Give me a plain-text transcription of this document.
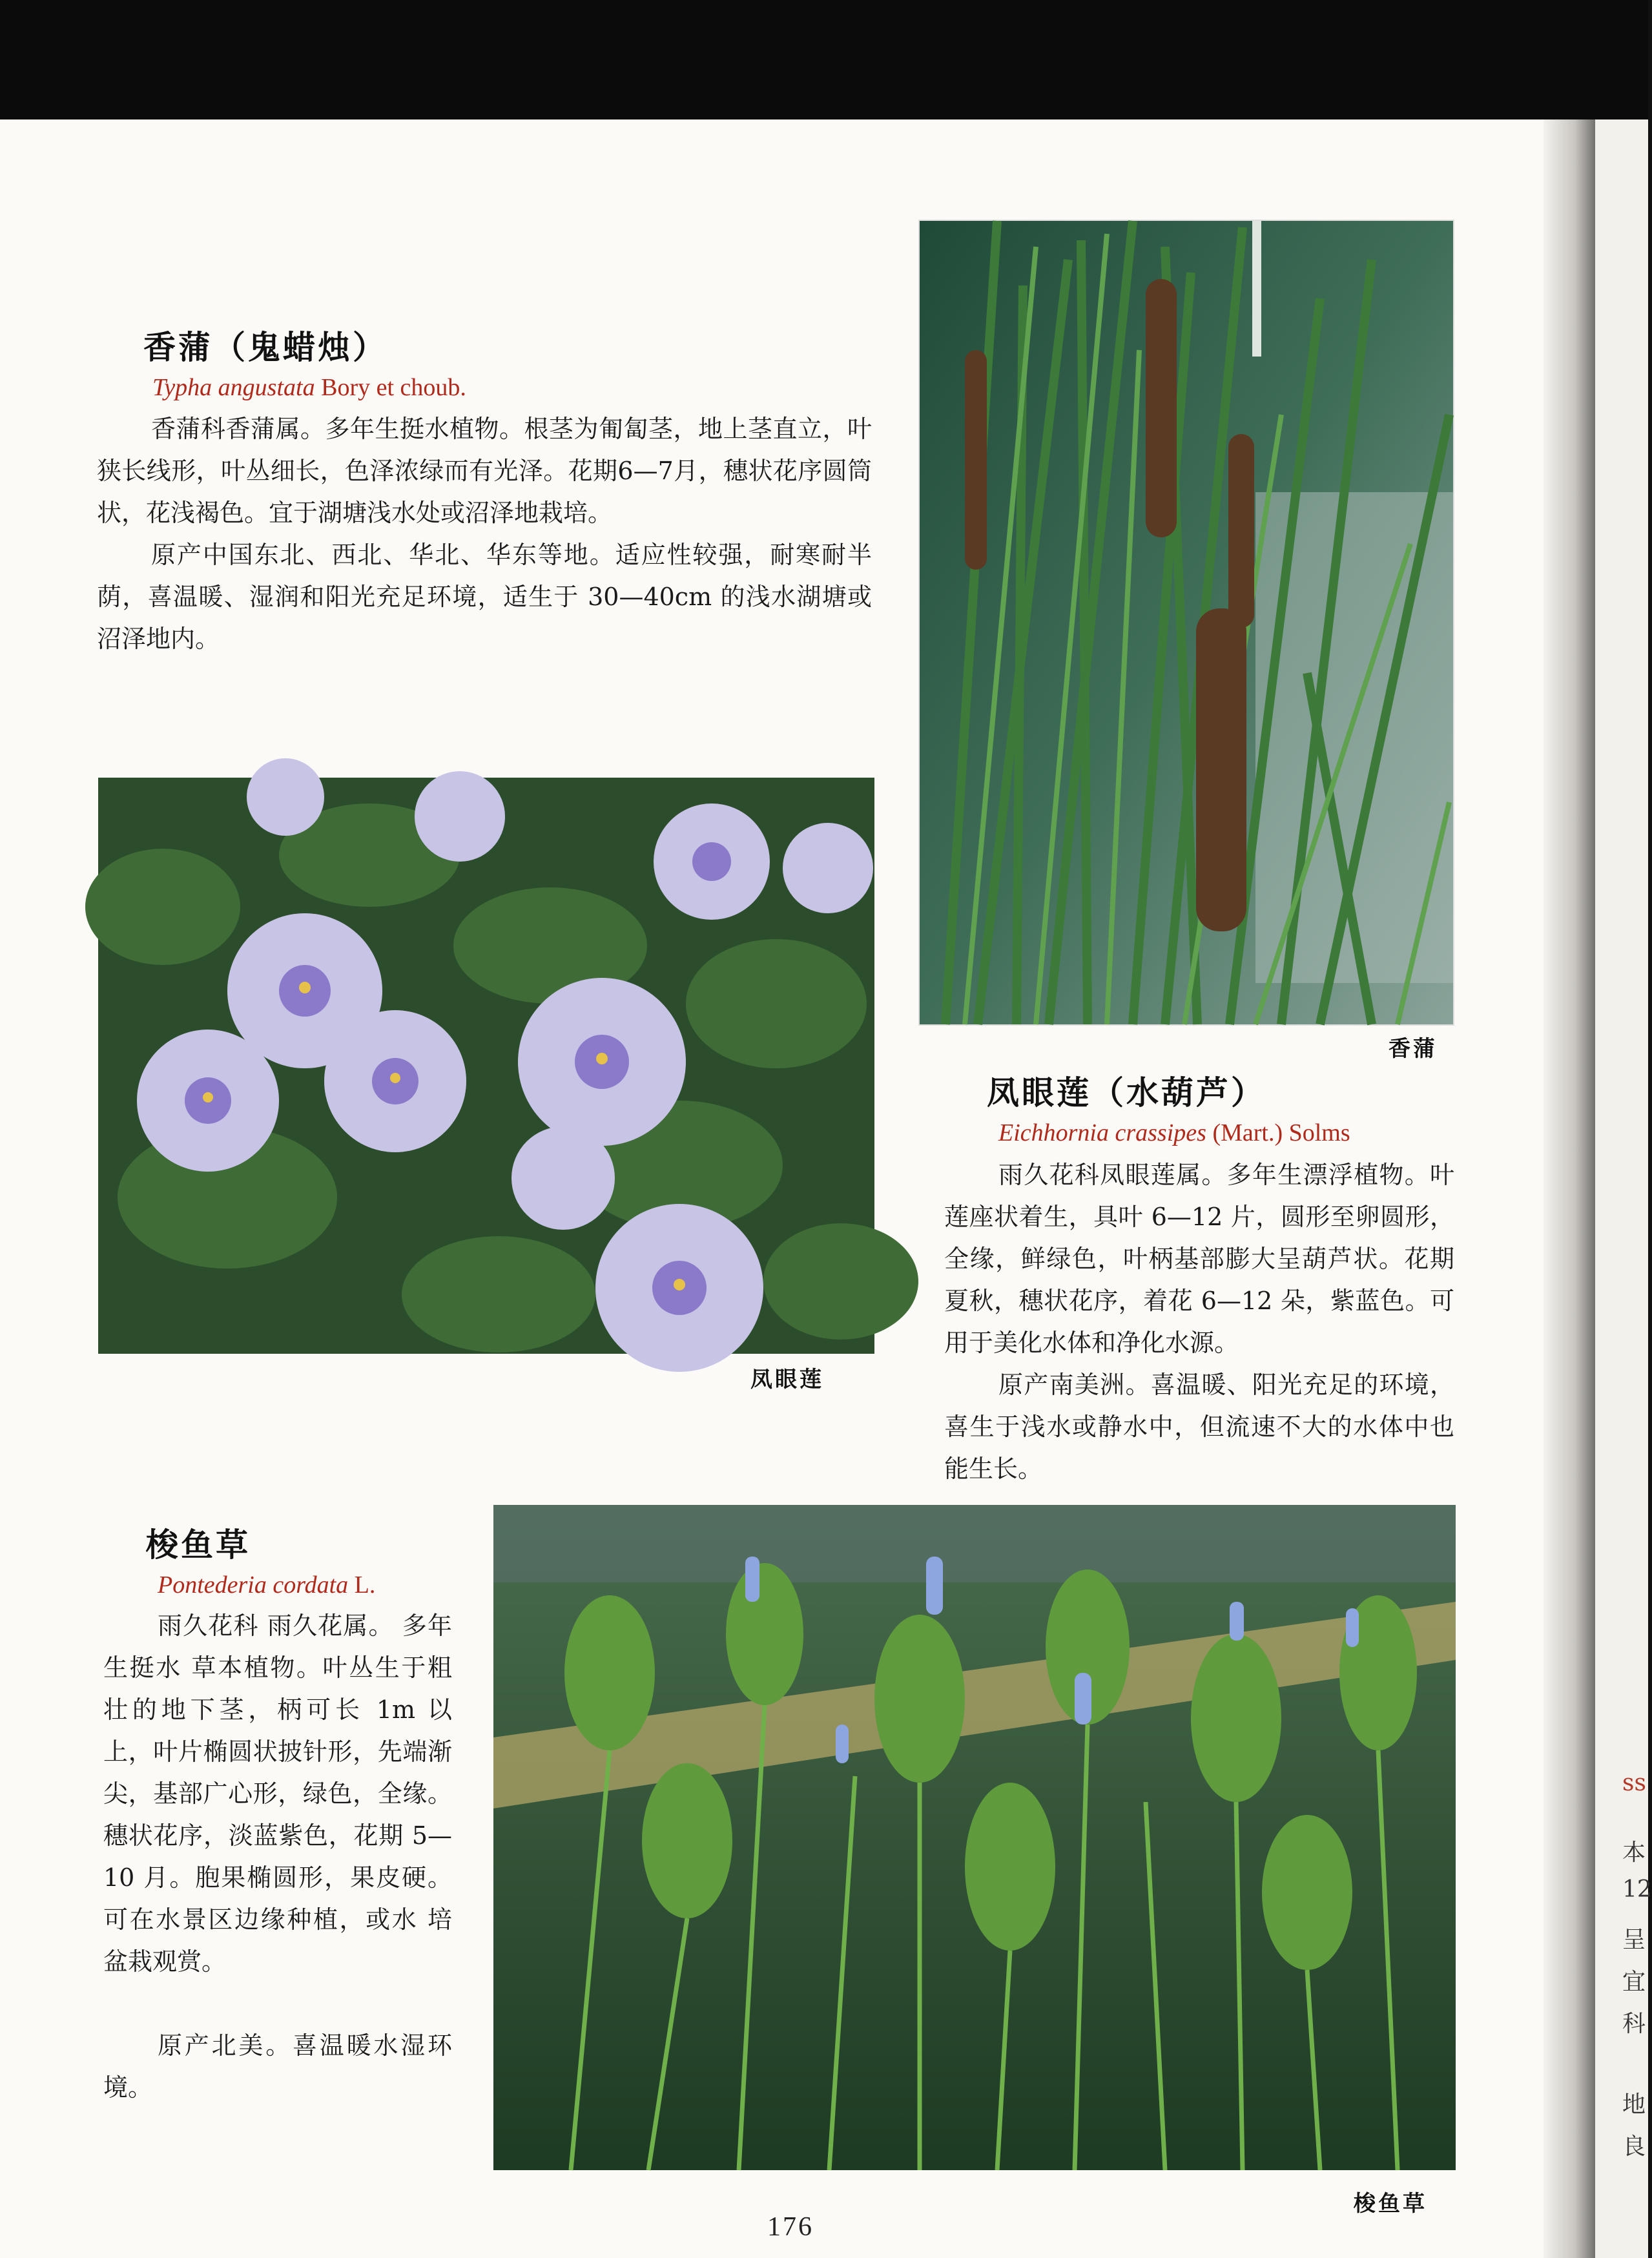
ss
本
12
呈
宜
科
地
良
香蒲（鬼蜡烛）
Typha angustata Bory et choub.

香蒲科香蒲属。多年生挺水植物。根茎为匍匐茎，地上茎直立，叶狭长线形，叶丛细长，色泽浓绿而有光泽。花期6—7月，穗状花序圆筒状，花浅褐色。宜于湖塘浅水处或沼泽地栽培。

原产中国东北、西北、华北、华东等地。适应性较强，耐寒耐半荫，喜温暖、湿润和阳光充足环境，适生于 30—40cm 的浅水湖塘或沼泽地内。

香蒲
凤眼莲
凤眼莲（水葫芦）
Eichhornia crassipes (Mart.) Solms

雨久花科凤眼莲属。多年生漂浮植物。叶莲座状着生，具叶 6—12 片，圆形至卵圆形，全缘，鲜绿色，叶柄基部膨大呈葫芦状。花期夏秋，穗状花序，着花 6—12 朵，紫蓝色。可用于美化水体和净化水源。

原产南美洲。喜温暖、阳光充足的环境，喜生于浅水或静水中，但流速不大的水体中也能生长。

梭鱼草
Pontederia cordata L.

雨久花科 雨久花属。 多年生挺水 草本植物。叶丛生于粗壮的地下茎，柄可长 1m 以上，叶片椭圆状披针形，先端渐尖，基部广心形，绿色，全缘。穗状花序，淡蓝紫色，花期 5—10 月。胞果椭圆形，果皮硬。可在水景区边缘种植，或水 培盆栽观赏。

原产北美。喜温暖水湿环境。

梭鱼草
176
